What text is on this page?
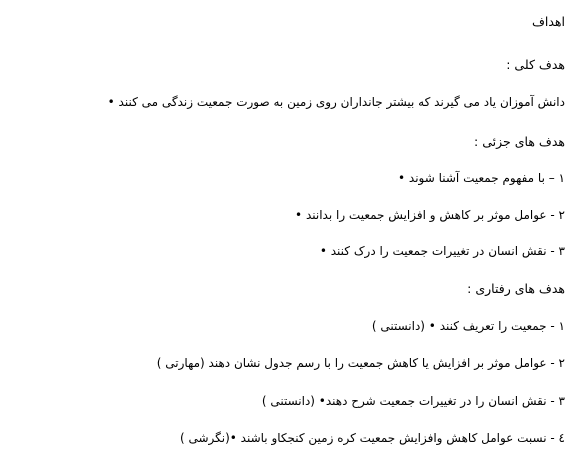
اهداف
هدف کلی :
دانش آموزان یاد می گیرند که بیشتر جانداران روی زمین به صورت جمعیت زندگی می کنند •
هدف های جزئی :
۱ – با مفهوم جمعیت آشنا شوند •
۲ - عوامل موثر بر کاهش و افزایش جمعیت را بدانند •
۳ - نقش انسان در تغییرات جمعیت را درک کنند •
هدف های رفتاری :
۱ - جمعیت را تعریف کنند • (دانستنی )
۲ - عوامل موثر بر افزایش یا کاهش جمعیت را با رسم جدول نشان دهند (مهارتی )
۳ - نقش انسان را در تغییرات جمعیت شرح دهند• (دانستنی )
٤ - نسبت عوامل کاهش وافزایش جمعیت کره زمین کنجکاو باشند •(نگرشی )
